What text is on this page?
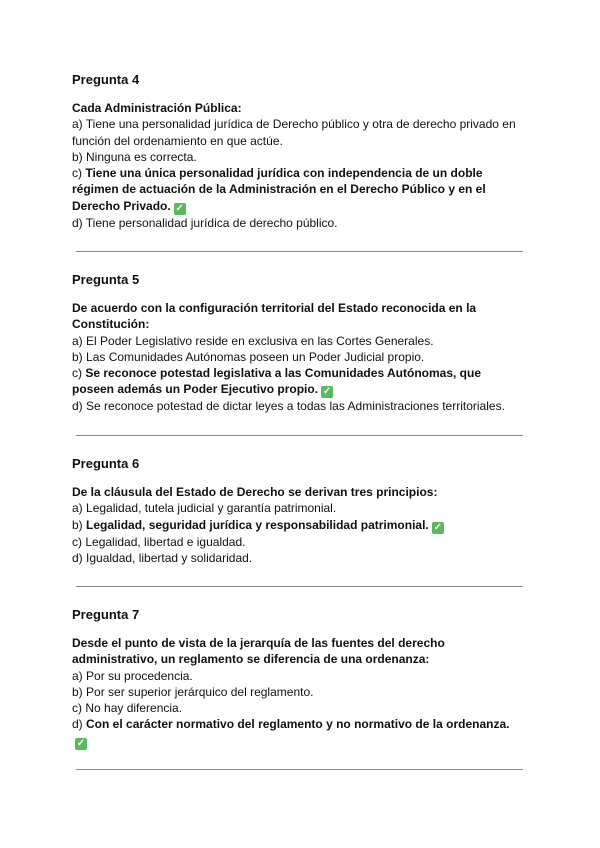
Pregunta 4

Cada Administración Pública:

a) Tiene una personalidad jurídica de Derecho público y otra de derecho privado en función del ordenamiento en que actúe.

b) Ninguna es correcta.

c) Tiene una única personalidad jurídica con independencia de un doble régimen de actuación de la Administración en el Derecho Público y en el Derecho Privado. ✓

d) Tiene personalidad jurídica de derecho público.

Pregunta 5

De acuerdo con la configuración territorial del Estado reconocida en la Constitución:

a) El Poder Legislativo reside en exclusiva en las Cortes Generales.

b) Las Comunidades Autónomas poseen un Poder Judicial propio.

c) Se reconoce potestad legislativa a las Comunidades Autónomas, que poseen además un Poder Ejecutivo propio. ✓

d) Se reconoce potestad de dictar leyes a todas las Administraciones territoriales.

Pregunta 6

De la cláusula del Estado de Derecho se derivan tres principios:

a) Legalidad, tutela judicial y garantía patrimonial.

b) Legalidad, seguridad jurídica y responsabilidad patrimonial. ✓

c) Legalidad, libertad e igualdad.

d) Igualdad, libertad y solidaridad.

Pregunta 7

Desde el punto de vista de la jerarquía de las fuentes del derecho administrativo, un reglamento se diferencia de una ordenanza:

a) Por su procedencia.

b) Por ser superior jerárquico del reglamento.

c) No hay diferencia.

d) Con el carácter normativo del reglamento y no normativo de la ordenanza.✓
